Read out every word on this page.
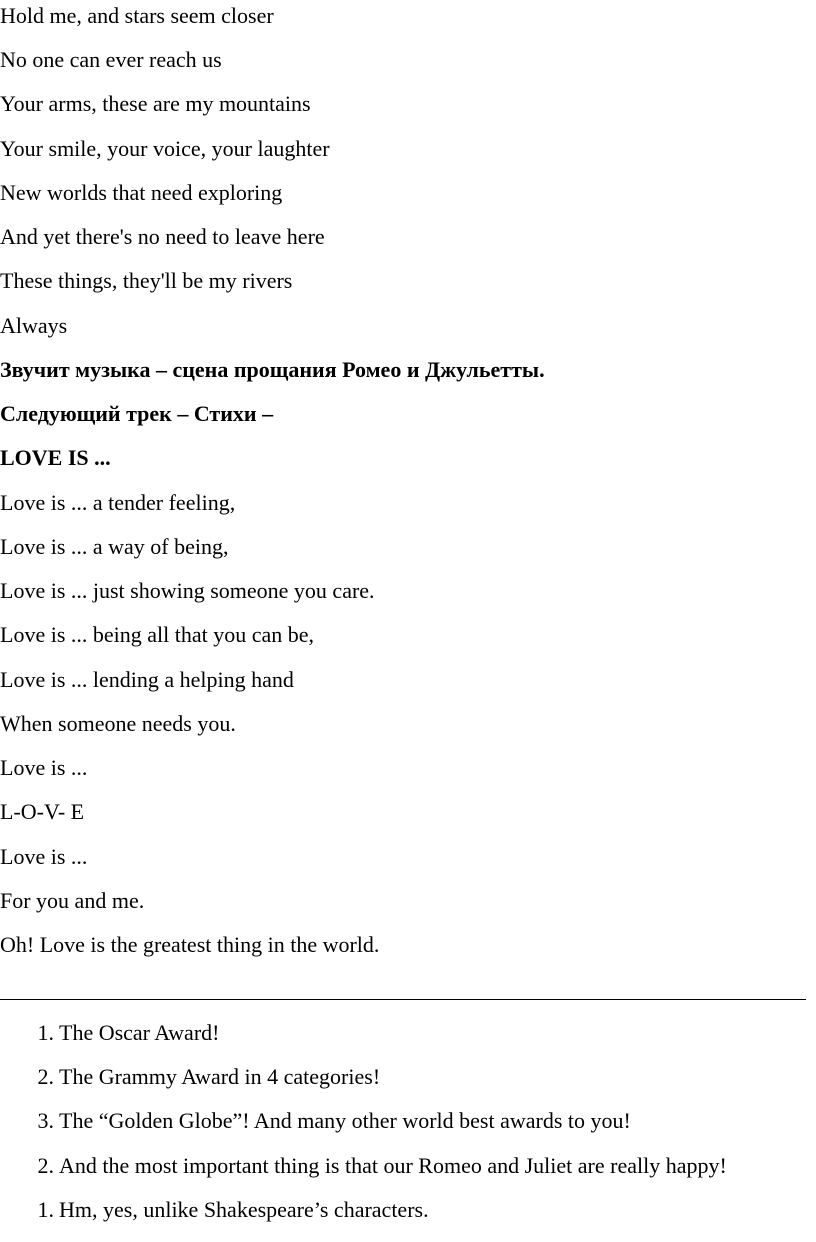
Hold me, and stars seem closer
No one can ever reach us
Your arms, these are my mountains
Your smile, your voice, your laughter
New worlds that need exploring
And yet there's no need to leave here
These things, they'll be my rivers
Always
Звучит музыка – сцена прощания Ромео и Джульетты.
Следующий трек – Стихи –
LOVE IS ...
Love is ... a tender feeling,
Love is ... a way of being,
Love is ... just showing someone you care.
Love is ... being all that you can be,
Love is ... lending a helping hand
When someone needs you.
Love is ...
L-O-V- E
Love is ...
For you and me.
Oh! Love is the greatest thing in the world.
1. The Oscar Award!
2. The Grammy Award in 4 categories!
3. The “Golden Globe”! And many other world best awards to you!
2. And the most important thing is that our Romeo and Juliet are really happy!
1. Hm, yes, unlike Shakespeare’s characters.
